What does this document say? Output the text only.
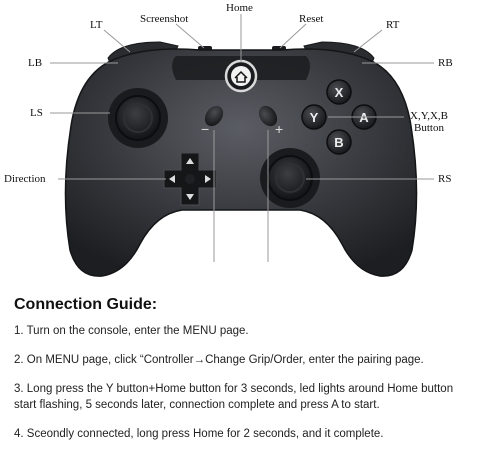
−	+
X
Y	A
B
LT	Screenshot
Home
Reset	RT
LB	RB
LS	X,Y,X,B
Button
Direction	RS
Connection Guide:

1. Turn on the console, enter the MENU page.

2. On MENU page, click “Controller→Change Grip/Order, enter the pairing page.

3. Long press the Y button+Home button for 3 seconds, led lights around Home button start flashing, 5 seconds later, connection complete and press A to start.

4. Sceondly connected, long press Home for 2 seconds, and it complete.
